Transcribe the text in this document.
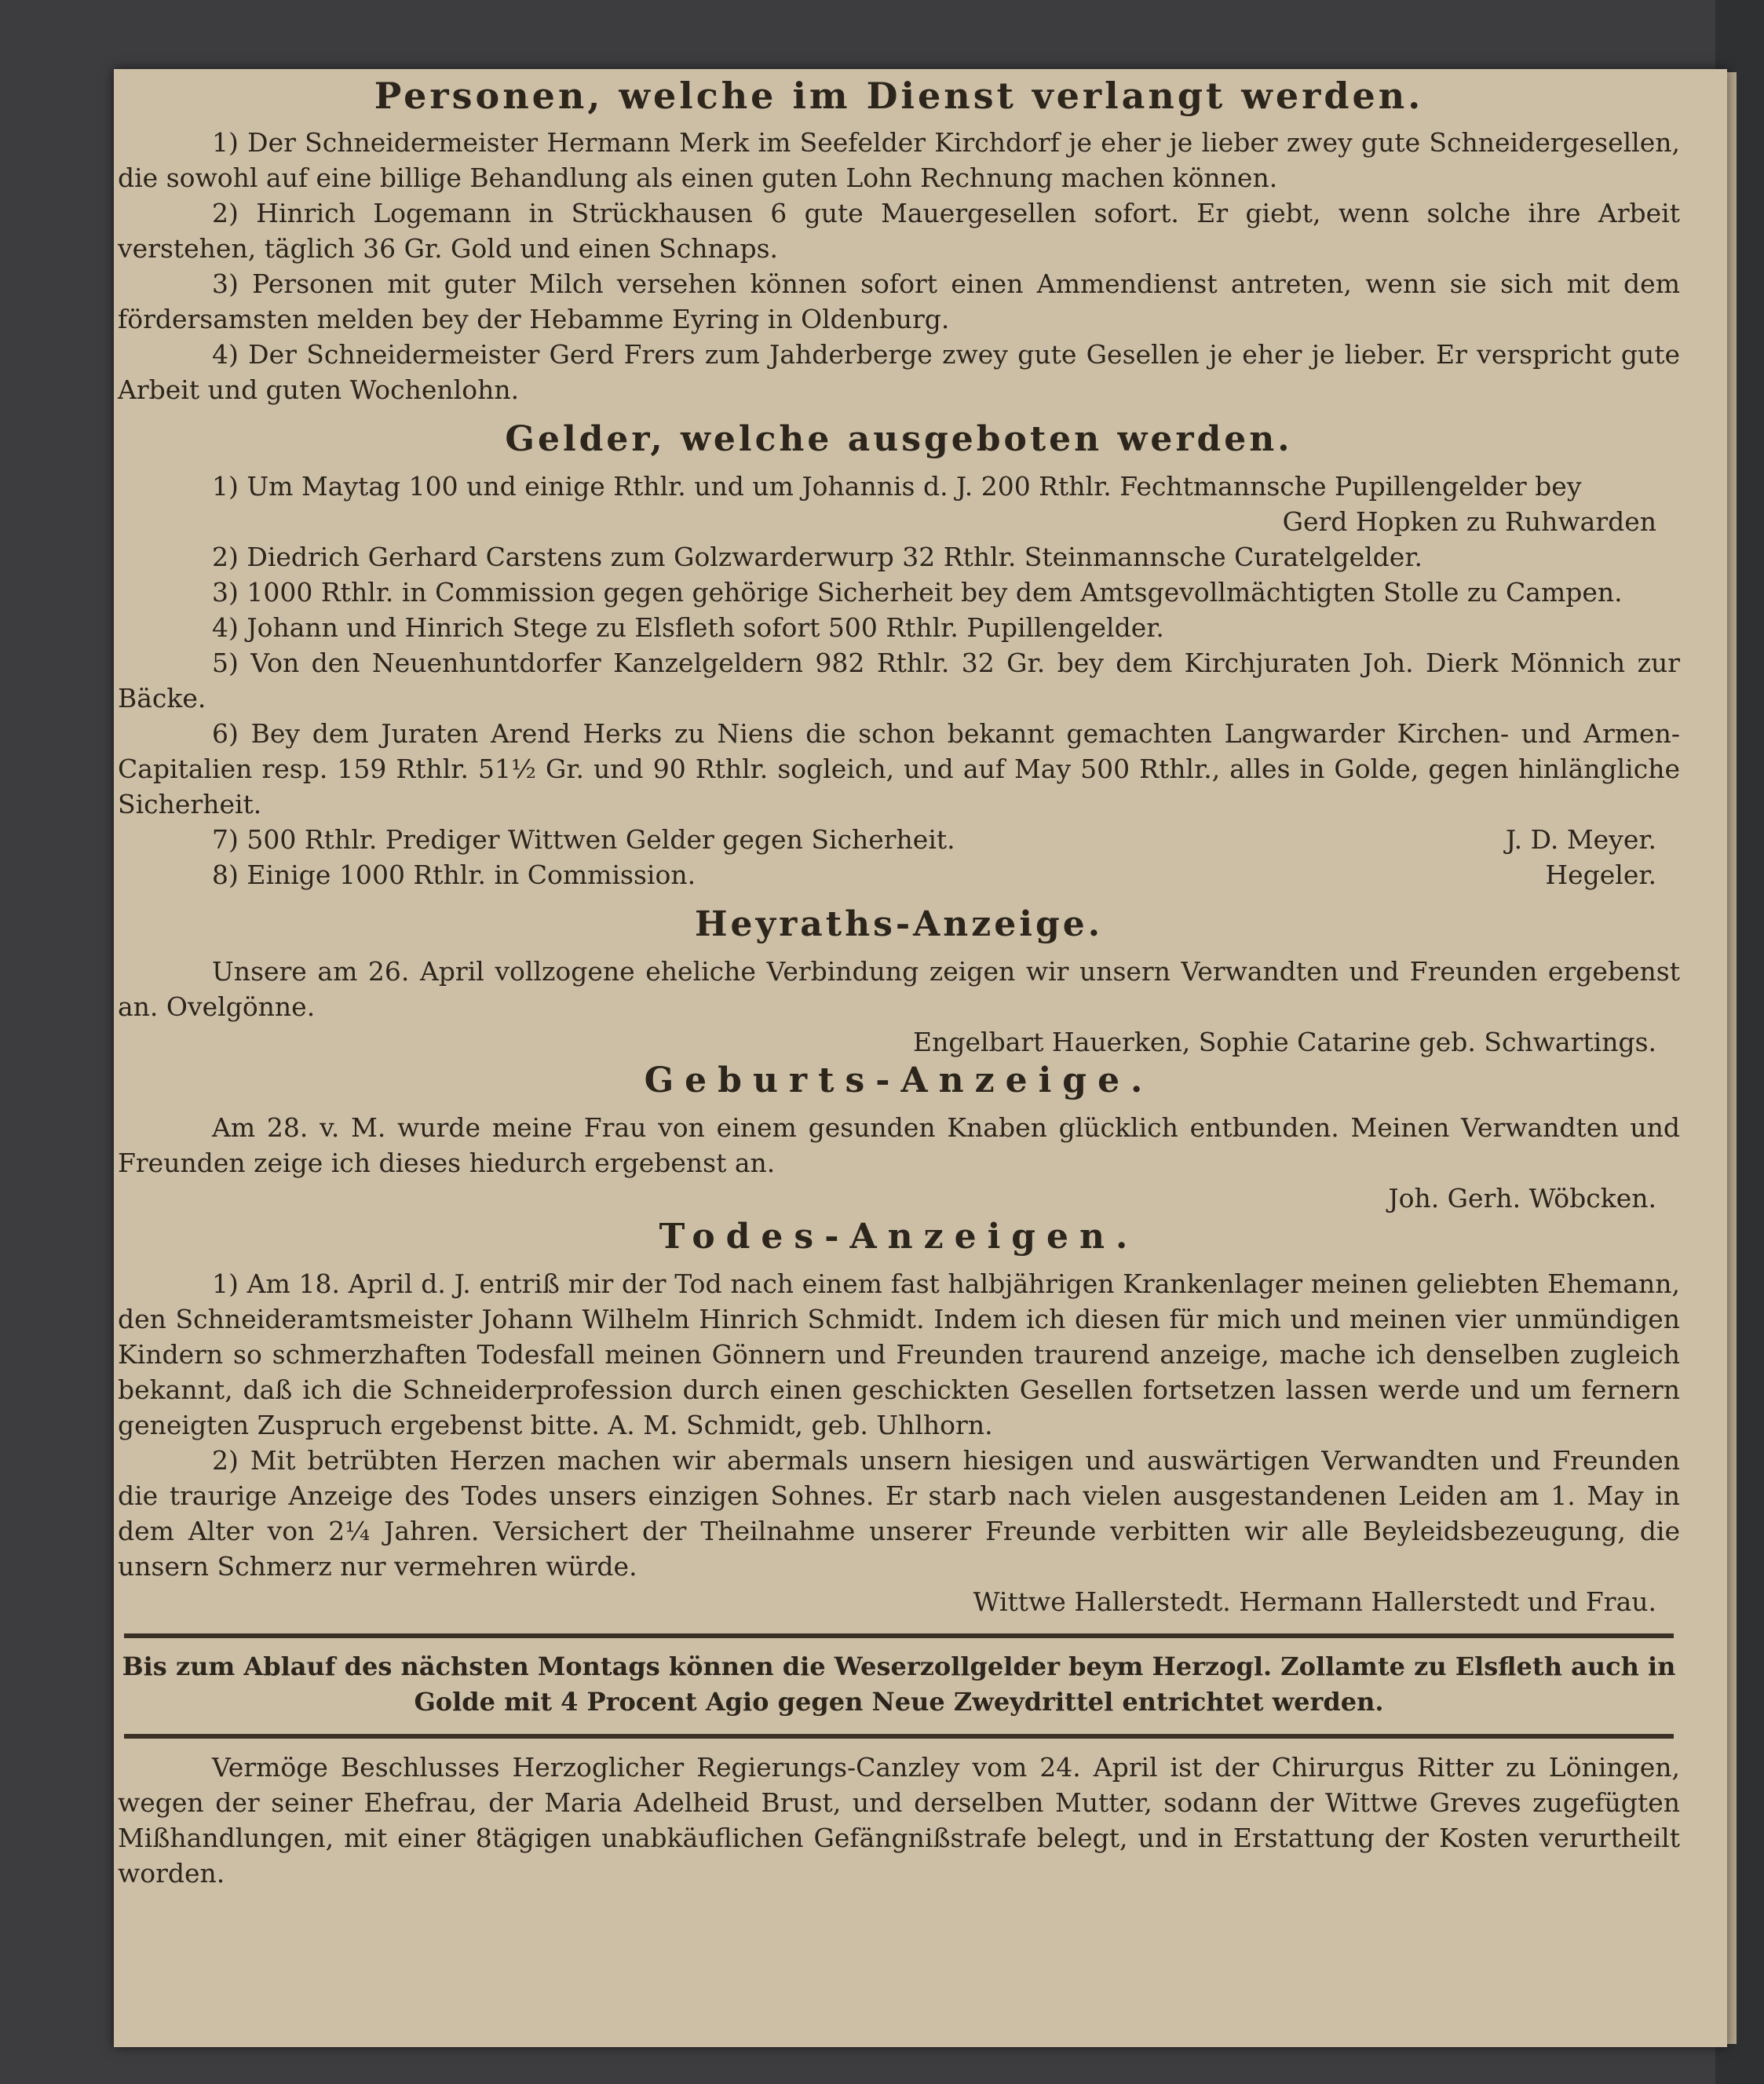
Personen, welche im Dienst verlangt werden.
1) Der Schneidermeister Hermann Merk im Seefelder Kirchdorf je eher je lieber zwey gute Schneidergesellen, die sowohl auf eine billige Behandlung als einen guten Lohn Rechnung machen können.
2) Hinrich Logemann in Strückhausen 6 gute Mauergesellen sofort. Er giebt, wenn solche ihre Arbeit verstehen, täglich 36 Gr. Gold und einen Schnaps.
3) Personen mit guter Milch versehen können sofort einen Ammendienst antreten, wenn sie sich mit dem fördersamsten melden bey der Hebamme Eyring in Oldenburg.
4) Der Schneidermeister Gerd Frers zum Jahderberge zwey gute Gesellen je eher je lieber. Er verspricht gute Arbeit und guten Wochenlohn.
Gelder, welche ausgeboten werden.
1) Um Maytag 100 und einige Rthlr. und um Johannis d. J. 200 Rthlr. Fechtmannsche Pupillengelder bey
Gerd Hopken zu Ruhwarden
2) Diedrich Gerhard Carstens zum Golzwarderwurp 32 Rthlr. Steinmannsche Curatelgelder.
3) 1000 Rthlr. in Commission gegen gehörige Sicherheit bey dem Amtsgevollmächtigten Stolle zu Campen.
4) Johann und Hinrich Stege zu Elsfleth sofort 500 Rthlr. Pupillengelder.
5) Von den Neuenhuntdorfer Kanzelgeldern 982 Rthlr. 32 Gr. bey dem Kirchjuraten Joh. Dierk Mönnich zur Bäcke.
6) Bey dem Juraten Arend Herks zu Niens die schon bekannt gemachten Langwarder Kirchen- und Armen-Capitalien resp. 159 Rthlr. 51½ Gr. und 90 Rthlr. sogleich, und auf May 500 Rthlr., alles in Golde, gegen hinlängliche Sicherheit.
7) 500 Rthlr. Prediger Wittwen Gelder gegen Sicherheit.	J. D. Meyer.
8) Einige 1000 Rthlr. in Commission.	Hegeler.
Heyraths-Anzeige.
Unsere am 26. April vollzogene eheliche Verbindung zeigen wir unsern Verwandten und Freunden ergebenst an. Ovelgönne.
Engelbart Hauerken, Sophie Catarine geb. Schwartings.
Geburts-Anzeige.
Am 28. v. M. wurde meine Frau von einem gesunden Knaben glücklich entbunden. Meinen Verwandten und Freunden zeige ich dieses hiedurch ergebenst an.
Joh. Gerh. Wöbcken.
Todes-Anzeigen.
1) Am 18. April d. J. entriß mir der Tod nach einem fast halbjährigen Krankenlager meinen geliebten Ehemann, den Schneideramtsmeister Johann Wilhelm Hinrich Schmidt. Indem ich diesen für mich und meinen vier unmündigen Kindern so schmerzhaften Todesfall meinen Gönnern und Freunden traurend anzeige, mache ich denselben zugleich bekannt, daß ich die Schneiderprofession durch einen geschickten Gesellen fortsetzen lassen werde und um fernern geneigten Zuspruch ergebenst bitte. A. M. Schmidt, geb. Uhlhorn.
2) Mit betrübten Herzen machen wir abermals unsern hiesigen und auswärtigen Verwandten und Freunden die traurige Anzeige des Todes unsers einzigen Sohnes. Er starb nach vielen ausgestandenen Leiden am 1. May in dem Alter von 2¼ Jahren. Versichert der Theilnahme unserer Freunde verbitten wir alle Beyleidsbezeugung, die unsern Schmerz nur vermehren würde.
Wittwe Hallerstedt. Hermann Hallerstedt und Frau.
Bis zum Ablauf des nächsten Montags können die Weserzollgelder beym Herzogl. Zollamte zu Elsfleth auch in Golde mit 4 Procent Agio gegen Neue Zweydrittel entrichtet werden.
Vermöge Beschlusses Herzoglicher Regierungs-Canzley vom 24. April ist der Chirurgus Ritter zu Löningen, wegen der seiner Ehefrau, der Maria Adelheid Brust, und derselben Mutter, sodann der Wittwe Greves zugefügten Mißhandlungen, mit einer 8tägigen unabkäuflichen Gefängnißstrafe belegt, und in Erstattung der Kosten verurtheilt worden.
